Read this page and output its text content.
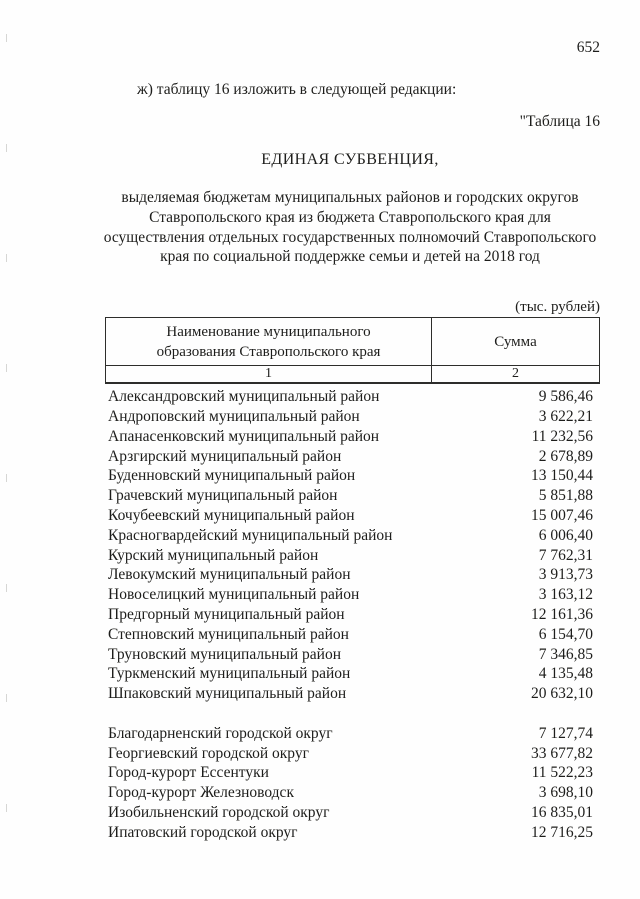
652
ж) таблицу 16 изложить в следующей редакции:
"Таблица 16
ЕДИНАЯ СУБВЕНЦИЯ,
выделяемая бюджетам муниципальных районов и городских округов
Ставропольского края из бюджета Ставропольского края для
осуществления отдельных государственных полномочий Ставропольского
края по социальной поддержке семьи и детей на 2018 год
(тыс. рублей)
Наименование муниципального образования Ставропольского края
Сумма
1	2
Александровский муниципальный район	9 586,46
Андроповский муниципальный район	3 622,21
Апанасенковский муниципальный район	11 232,56
Арзгирский муниципальный район	2 678,89
Буденновский муниципальный район	13 150,44
Грачевский муниципальный район	5 851,88
Кочубеевский муниципальный район	15 007,46
Красногвардейский муниципальный район	6 006,40
Курский муниципальный район	7 762,31
Левокумский муниципальный район	3 913,73
Новоселицкий муниципальный район	3 163,12
Предгорный муниципальный район	12 161,36
Степновский муниципальный район	6 154,70
Труновский муниципальный район	7 346,85
Туркменский муниципальный район	4 135,48
Шпаковский муниципальный район	20 632,10
Благодарненский городской округ	7 127,74
Георгиевский городской округ	33 677,82
Город-курорт Ессентуки	11 522,23
Город-курорт Железноводск	3 698,10
Изобильненский городской округ	16 835,01
Ипатовский городской округ	12 716,25
